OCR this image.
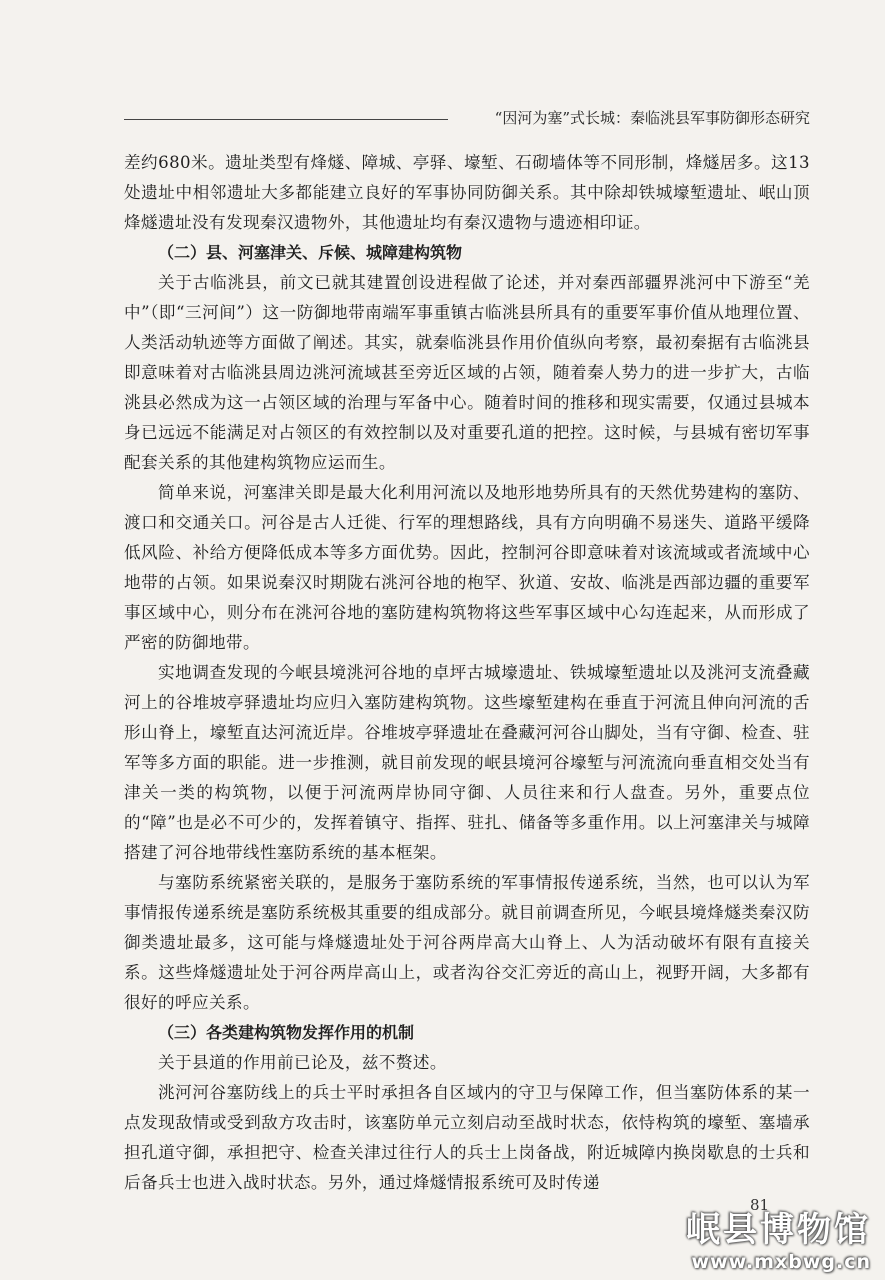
“因河为塞”式长城：秦临洮县军事防御形态研究

差约680米。遗址类型有烽燧、障城、亭驿、壕堑、石砌墙体等不同形制，烽燧居多。这13处遗址中相邻遗址大多都能建立良好的军事协同防御关系。其中除却铁城壕堑遗址、岷山顶烽燧遗址没有发现秦汉遗物外，其他遗址均有秦汉遗物与遗迹相印证。

（二）县、河塞津关、斥候、城障建构筑物

关于古临洮县，前文已就其建置创设进程做了论述，并对秦西部疆界洮河中下游至“羌中”（即“三河间”）这一防御地带南端军事重镇古临洮县所具有的重要军事价值从地理位置、人类活动轨迹等方面做了阐述。其实，就秦临洮县作用价值纵向考察，最初秦据有古临洮县即意味着对古临洮县周边洮河流域甚至旁近区域的占领，随着秦人势力的进一步扩大，古临洮县必然成为这一占领区域的治理与军备中心。随着时间的推移和现实需要，仅通过县城本身已远远不能满足对占领区的有效控制以及对重要孔道的把控。这时候，与县城有密切军事配套关系的其他建构筑物应运而生。

简单来说，河塞津关即是最大化利用河流以及地形地势所具有的天然优势建构的塞防、渡口和交通关口。河谷是古人迁徙、行军的理想路线，具有方向明确不易迷失、道路平缓降低风险、补给方便降低成本等多方面优势。因此，控制河谷即意味着对该流域或者流域中心地带的占领。如果说秦汉时期陇右洮河谷地的枹罕、狄道、安故、临洮是西部边疆的重要军事区域中心，则分布在洮河谷地的塞防建构筑物将这些军事区域中心勾连起来，从而形成了严密的防御地带。

实地调查发现的今岷县境洮河谷地的卓坪古城壕遗址、铁城壕堑遗址以及洮河支流叠藏河上的谷堆坡亭驿遗址均应归入塞防建构筑物。这些壕堑建构在垂直于河流且伸向河流的舌形山脊上，壕堑直达河流近岸。谷堆坡亭驿遗址在叠藏河河谷山脚处，当有守御、检查、驻军等多方面的职能。进一步推测，就目前发现的岷县境河谷壕堑与河流流向垂直相交处当有津关一类的构筑物，以便于河流两岸协同守御、人员往来和行人盘查。另外，重要点位的“障”也是必不可少的，发挥着镇守、指挥、驻扎、储备等多重作用。以上河塞津关与城障搭建了河谷地带线性塞防系统的基本框架。

与塞防系统紧密关联的，是服务于塞防系统的军事情报传递系统，当然，也可以认为军事情报传递系统是塞防系统极其重要的组成部分。就目前调查所见，今岷县境烽燧类秦汉防御类遗址最多，这可能与烽燧遗址处于河谷两岸高大山脊上、人为活动破坏有限有直接关系。这些烽燧遗址处于河谷两岸高山上，或者沟谷交汇旁近的高山上，视野开阔，大多都有很好的呼应关系。

（三）各类建构筑物发挥作用的机制

关于县道的作用前已论及，兹不赘述。

洮河河谷塞防线上的兵士平时承担各自区域内的守卫与保障工作，但当塞防体系的某一点发现敌情或受到敌方攻击时，该塞防单元立刻启动至战时状态，依恃构筑的壕堑、塞墙承担孔道守御，承担把守、检查关津过往行人的兵士上岗备战，附近城障内换岗歇息的士兵和后备兵士也进入战时状态。另外，通过烽燧情报系统可及时传递

81
岷县博物馆
www.mxbwg.cn
